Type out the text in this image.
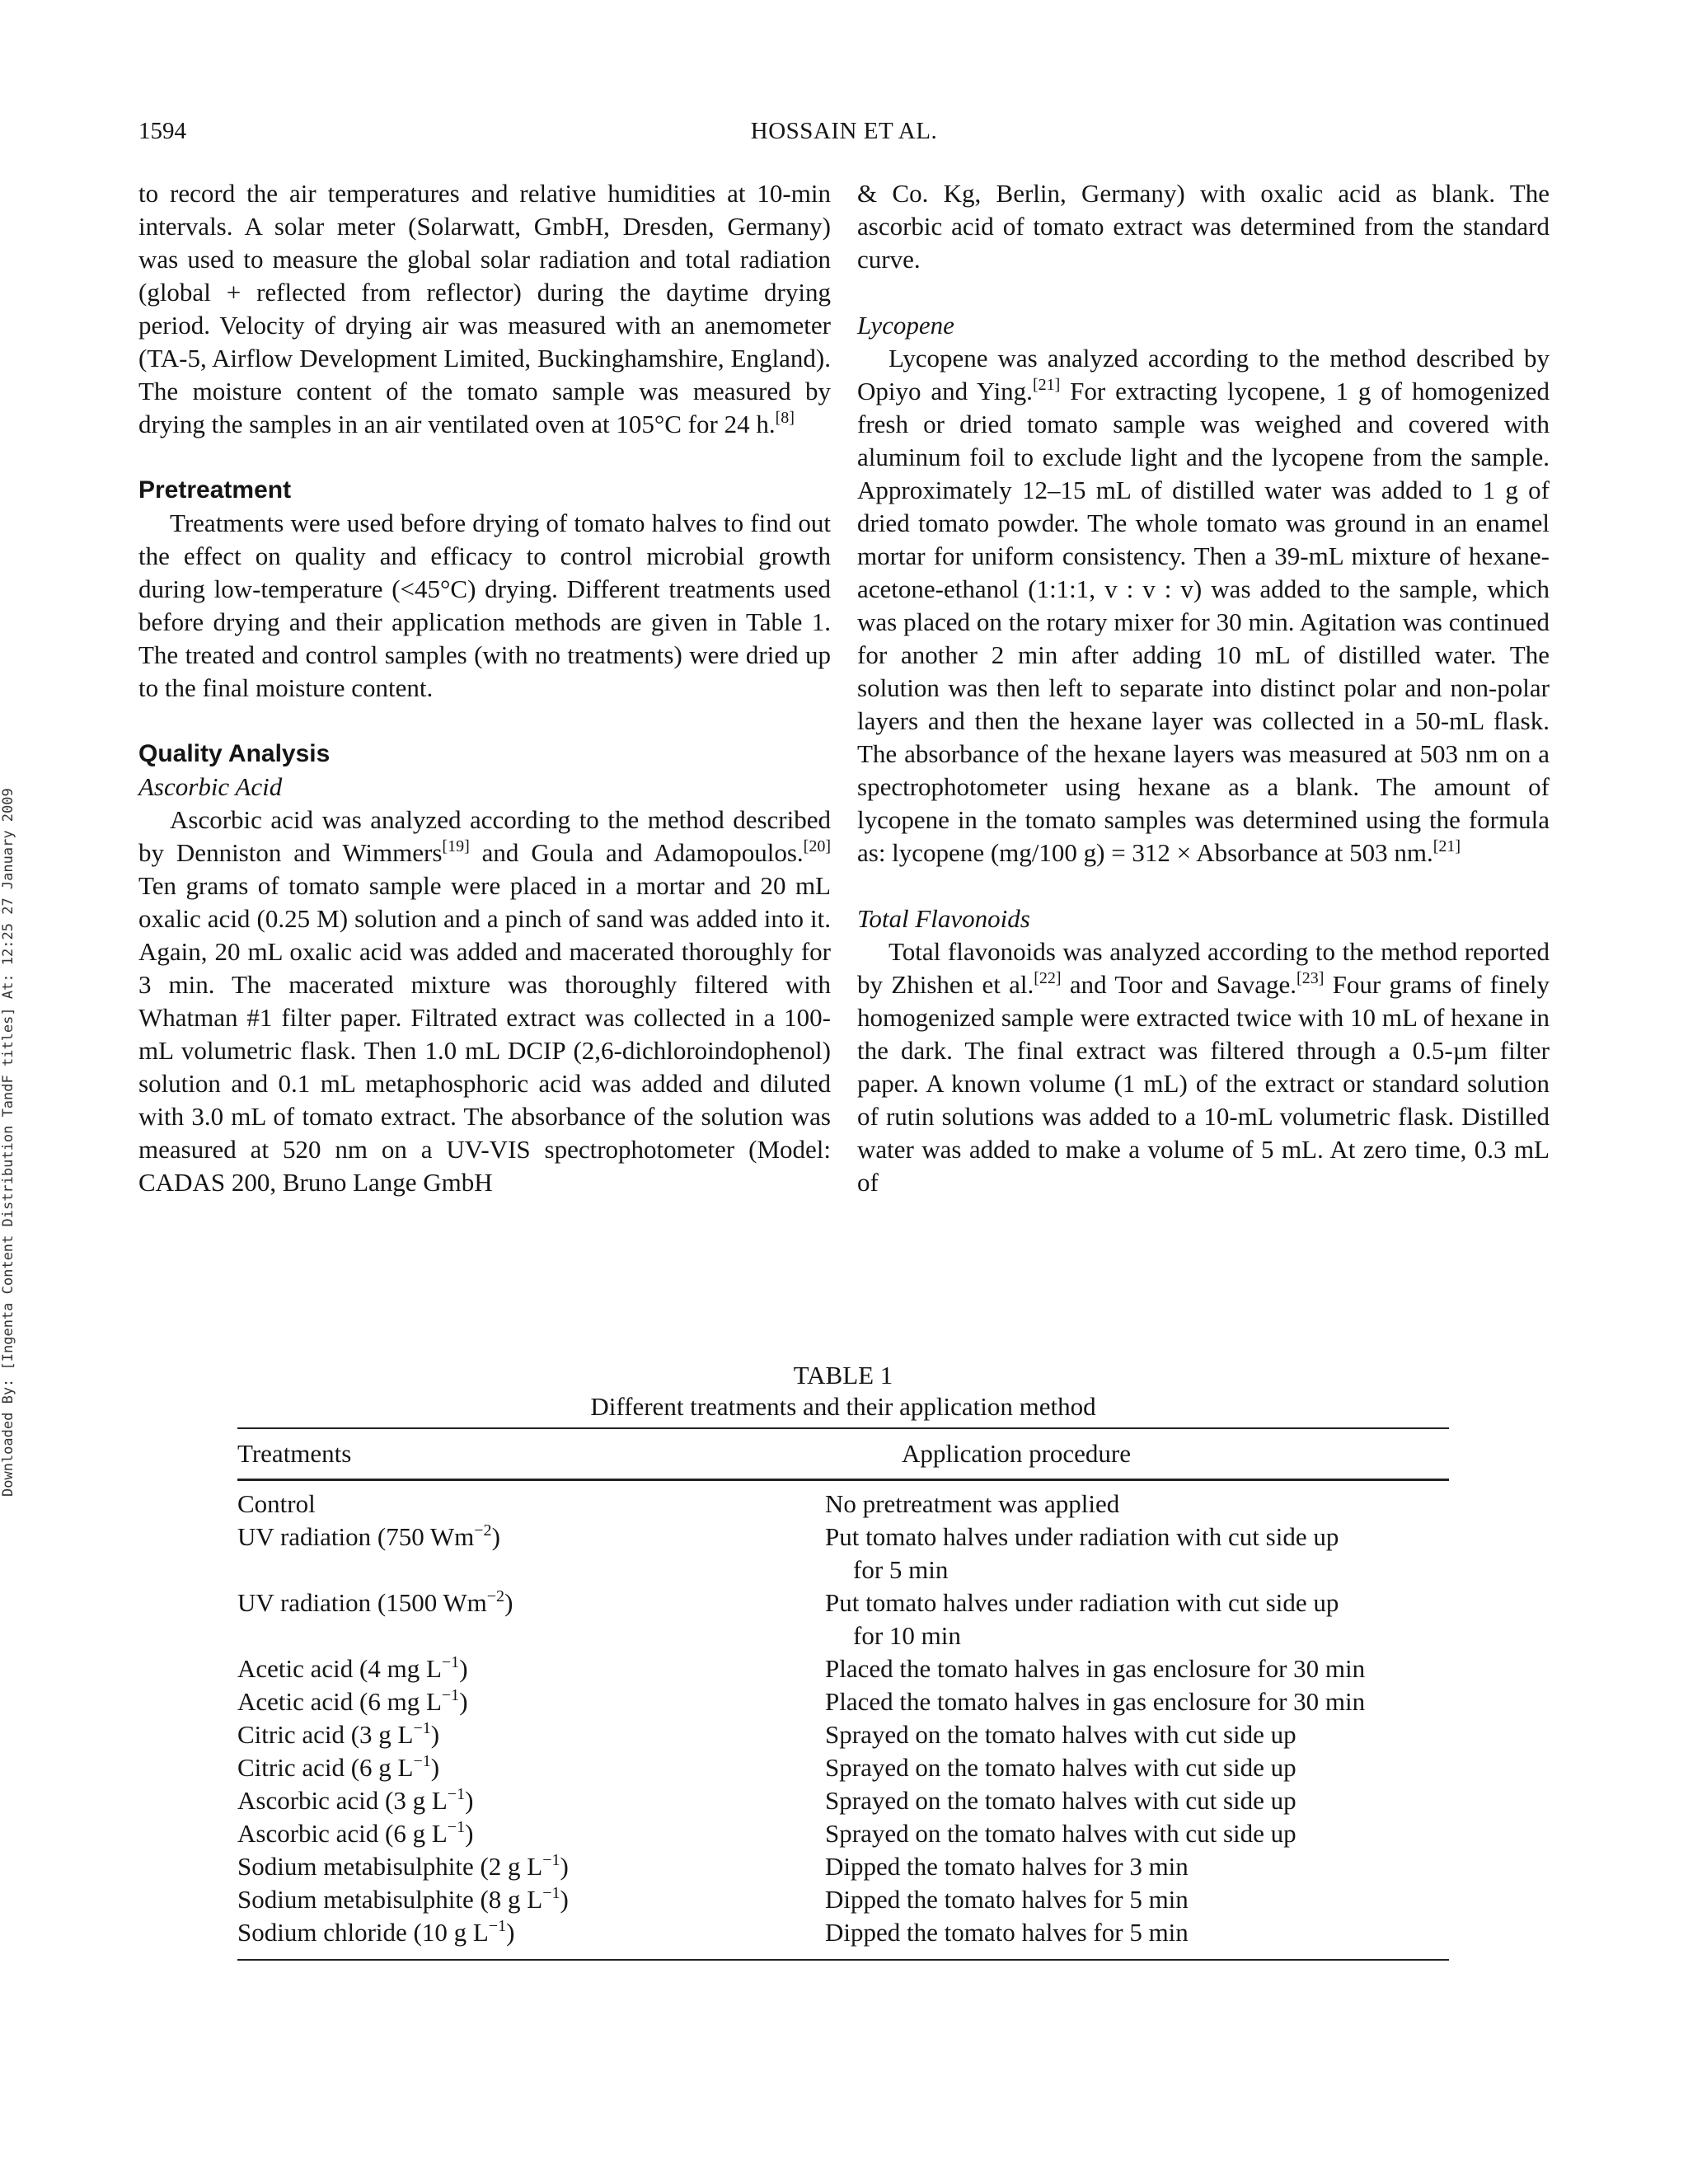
Downloaded By: [Ingenta Content Distribution TandF titles] At: 12:25 27 January 2009
1594	HOSSAIN ET AL.

to record the air temperatures and relative humidities at 10-min intervals. A solar meter (Solarwatt, GmbH, Dresden, Germany) was used to measure the global solar radiation and total radiation (global + reflected from reflector) during the daytime drying period. Velocity of drying air was measured with an anemometer (TA-5, Airflow Development Limited, Buckinghamshire, England). The moisture content of the tomato sample was measured by drying the samples in an air ventilated oven at 105°C for 24 h.[8]

Pretreatment

Treatments were used before drying of tomato halves to find out the effect on quality and efficacy to control microbial growth during low-temperature (<45°C) drying. Different treatments used before drying and their application methods are given in Table 1. The treated and control samples (with no treatments) were dried up to the final moisture content.

Quality Analysis

Ascorbic Acid

Ascorbic acid was analyzed according to the method described by Denniston and Wimmers[19] and Goula and Adamopoulos.[20] Ten grams of tomato sample were placed in a mortar and 20 mL oxalic acid (0.25 M) solution and a pinch of sand was added into it. Again, 20 mL oxalic acid was added and macerated thoroughly for 3 min. The macerated mixture was thoroughly filtered with Whatman #1 filter paper. Filtrated extract was collected in a 100-mL volumetric flask. Then 1.0 mL DCIP (2,6-dichloroindophenol) solution and 0.1 mL metaphosphoric acid was added and diluted with 3.0 mL of tomato extract. The absorbance of the solution was measured at 520 nm on a UV-VIS spectrophotometer (Model: CADAS 200, Bruno Lange GmbH

& Co. Kg, Berlin, Germany) with oxalic acid as blank. The ascorbic acid of tomato extract was determined from the standard curve.

Lycopene

Lycopene was analyzed according to the method described by Opiyo and Ying.[21] For extracting lycopene, 1 g of homogenized fresh or dried tomato sample was weighed and covered with aluminum foil to exclude light and the lycopene from the sample. Approximately 12–15 mL of distilled water was added to 1 g of dried tomato powder. The whole tomato was ground in an enamel mortar for uniform consistency. Then a 39-mL mixture of hexane-acetone-ethanol (1:1:1, v : v : v) was added to the sample, which was placed on the rotary mixer for 30 min. Agitation was continued for another 2 min after adding 10 mL of distilled water. The solution was then left to separate into distinct polar and non-polar layers and then the hexane layer was collected in a 50-mL flask. The absorbance of the hexane layers was measured at 503 nm on a spectrophotometer using hexane as a blank. The amount of lycopene in the tomato samples was determined using the formula as: lycopene (mg/100 g) = 312 × Absorbance at 503 nm.[21]

Total Flavonoids

Total flavonoids was analyzed according to the method reported by Zhishen et al.[22] and Toor and Savage.[23] Four grams of finely homogenized sample were extracted twice with 10 mL of hexane in the dark. The final extract was filtered through a 0.5-µm filter paper. A known volume (1 mL) of the extract or standard solution of rutin solutions was added to a 10-mL volumetric flask. Distilled water was added to make a volume of 5 mL. At zero time, 0.3 mL of

TABLE 1
Different treatments and their application method
Treatments	Application procedure
Control	No pretreatment was applied
UV radiation (750 $Wm^{-2}$)	Put tomato halves under radiation with cut side up
for 5 min
UV radiation (1500 $Wm^{-2}$)	Put tomato halves under radiation with cut side up
for 10 min
Acetic acid (4 mg $L^{-1}$)	Placed the tomato halves in gas enclosure for 30 min
Acetic acid (6 mg $L^{-1}$)	Placed the tomato halves in gas enclosure for 30 min
Citric acid (3 g $L^{-1}$)	Sprayed on the tomato halves with cut side up
Citric acid (6 g $L^{-1}$)	Sprayed on the tomato halves with cut side up
Ascorbic acid (3 g $L^{-1}$)	Sprayed on the tomato halves with cut side up
Ascorbic acid (6 g $L^{-1}$)	Sprayed on the tomato halves with cut side up
Sodium metabisulphite (2 g $L^{-1}$)	Dipped the tomato halves for 3 min
Sodium metabisulphite (8 g $L^{-1}$)	Dipped the tomato halves for 5 min
Sodium chloride (10 g $L^{-1}$)	Dipped the tomato halves for 5 min
